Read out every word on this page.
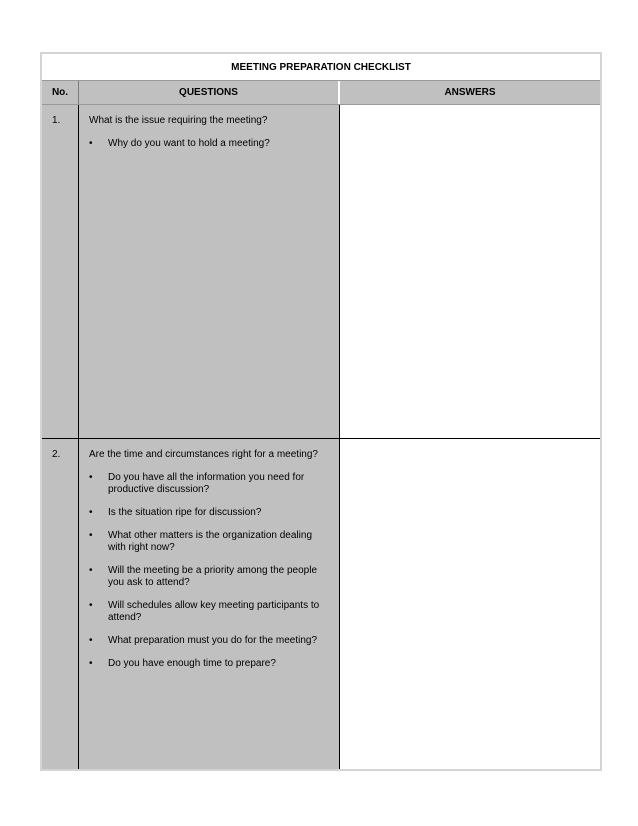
MEETING PREPARATION CHECKLIST
No.	QUESTIONS	ANSWERS
1.	What is the issue requiring the meeting?
• Why do you want to hold a meeting?
2.	Are the time and circumstances right for a meeting?
• Do you have all the information you need for productive discussion?
• Is the situation ripe for discussion?
• What other matters is the organization dealing with right now?
• Will the meeting be a priority among the people you ask to attend?
• Will schedules allow key meeting participants to attend?
• What preparation must you do for the meeting?
• Do you have enough time to prepare?
